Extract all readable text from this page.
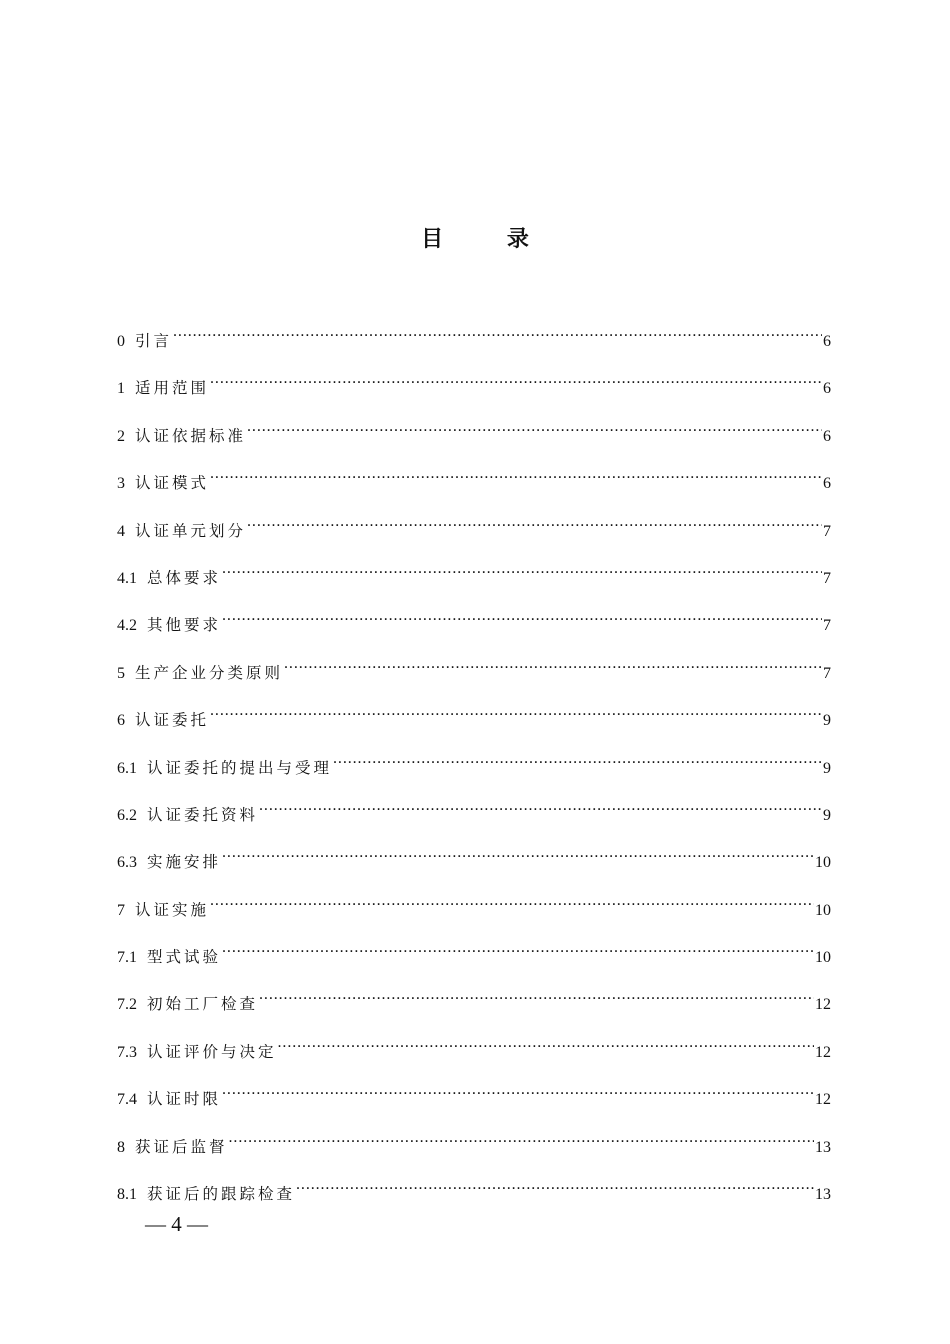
目 录
0 引言 .....	6
1 适用范围 .....	6
2 认证依据标准 .....	6
3 认证模式 .....	6
4 认证单元划分 .....	7
4.1 总体要求 .....	7
4.2 其他要求 .....	7
5 生产企业分类原则 .....	7
6 认证委托 .....	9
6.1 认证委托的提出与受理 .....	9
6.2 认证委托资料 .....	9
6.3 实施安排 .....	10
7 认证实施 .....	10
7.1 型式试验 .....	10
7.2 初始工厂检查 .....	12
7.3 认证评价与决定 .....	12
7.4 认证时限 .....	12
8 获证后监督 .....	13
8.1 获证后的跟踪检查 .....	13
— 4 —
